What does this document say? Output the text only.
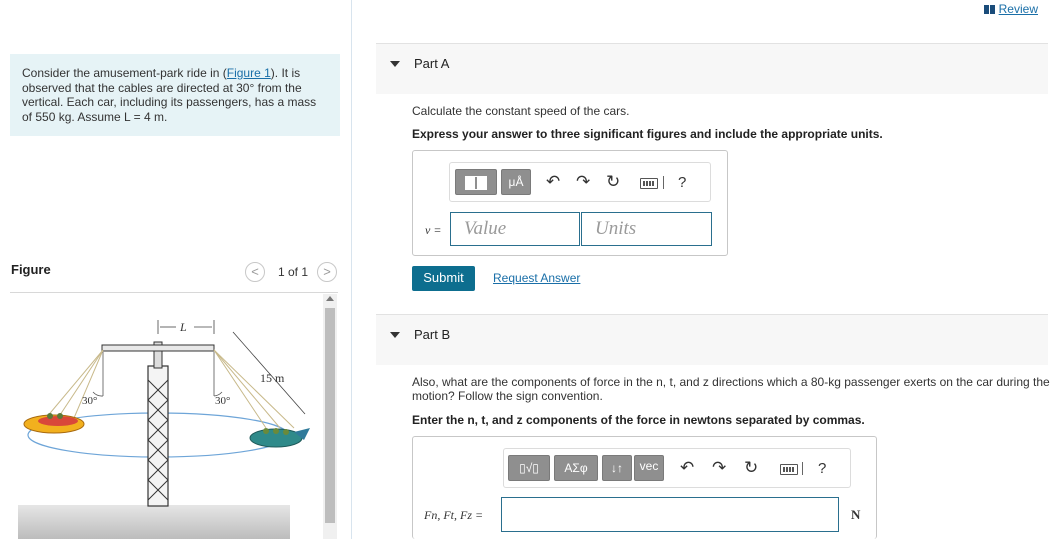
Consider the amusement-park ride in (Figure 1). It is observed that the cables are directed at 30° from the vertical. Each car, including its passengers, has a mass of 550 kg. Assume L = 4 m.
Figure	<	1 of 1	>
L
15 m
30°	30°
Review
Part A
Calculate the constant speed of the cars.
Express your answer to three significant figures and include the appropriate units.
μÅ	↶ ↷ ↻	?
v = Value	Units
Submit	Request Answer
Part B
Also, what are the components of force in the n, t, and z directions which a 80-kg passenger exerts on the car during the
motion? Follow the sign convention.
Enter the n, t, and z components of the force in newtons separated by commas.
▯√▯	ΑΣφ	↓↑	vec	↶ ↷ ↻	?
Fn, Ft, Fz =	N
